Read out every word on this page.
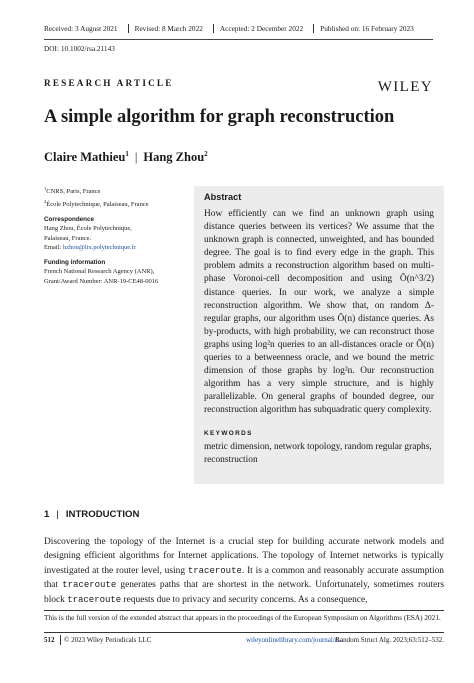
Received: 3 August 2021	Revised: 8 March 2022	Accepted: 2 December 2022	Published on: 16 February 2023
DOI: 10.1002/rsa.21143
RESEARCH ARTICLE	WILEY
A simple algorithm for graph reconstruction
Claire Mathieu$^1$ | Hang Zhou$^2$
$^1$CNRS, Paris, France
$^2$École Polytechnique, Palaiseau, France
Correspondence
Hang Zhou, École Polytechnique,
Palaiseau, France.
Email: hzhou@lix.polytechnique.fr
Funding information
French National Research Agency (ANR),
Grant/Award Number: ANR-19-CE48-0016
Abstract
How efficiently can we find an unknown graph using distance queries between its vertices? We assume that the unknown graph is connected, unweighted, and has bounded degree. The goal is to find every edge in the graph. This problem admits a reconstruction algorithm based on multi-phase Voronoi-cell decomposition and using Õ(n^3/2) distance queries. In our work, we analyze a simple reconstruction algorithm. We show that, on random Δ-regular graphs, our algorithm uses Õ(n) distance queries. As by-products, with high probability, we can reconstruct those graphs using log²n queries to an all-distances oracle or Õ(n) queries to a betweenness oracle, and we bound the metric dimension of those graphs by log²n. Our reconstruction algorithm has a very simple structure, and is highly parallelizable. On general graphs of bounded degree, our reconstruction algorithm has subquadratic query complexity.
KEYWORDS
metric dimension, network topology, random regular graphs, reconstruction
1 | INTRODUCTION
Discovering the topology of the Internet is a crucial step for building accurate network models and designing efficient algorithms for Internet applications. The topology of Internet networks is typically investigated at the router level, using traceroute. It is a common and reasonably accurate assumption that traceroute generates paths that are shortest in the network. Unfortunately, sometimes routers block traceroute requests due to privacy and security concerns. As a consequence,
This is the full version of the extended abstract that appears in the proceedings of the European Symposium on Algorithms (ESA) 2021.
512 © 2023 Wiley Periodicals LLC	wileyonlinelibrary.com/journal/rsa
Random Struct Alg. 2023;63:512–532.
